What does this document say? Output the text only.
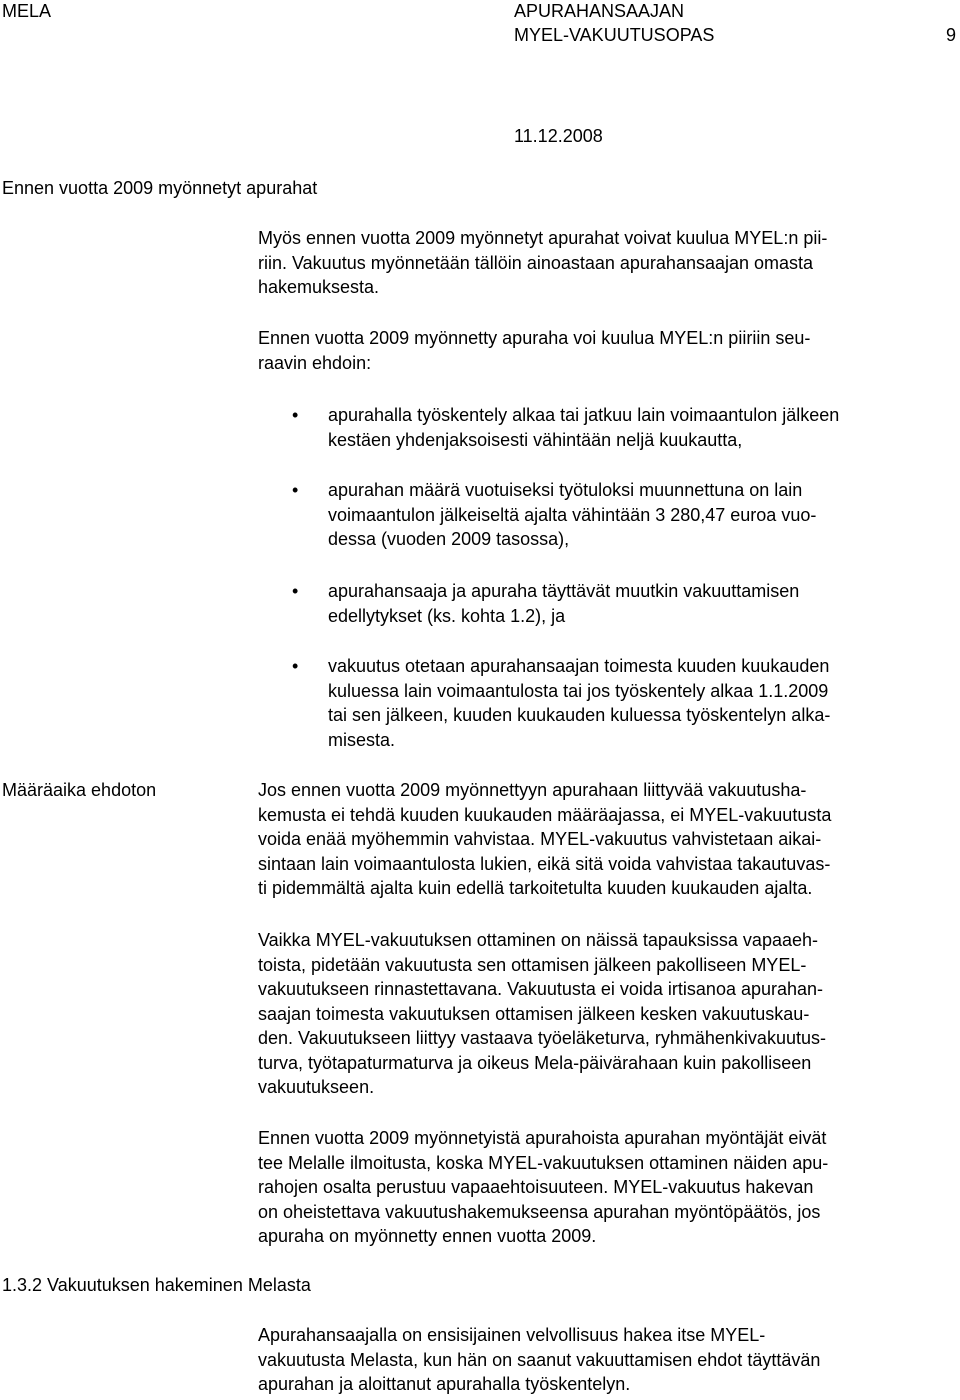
MELA	APURAHANSAAJAN
MYEL-VAKUUTUSOPAS	9
11.12.2008
Ennen vuotta 2009 myönnetyt apurahat
Määräaika ehdoton
1.3.2 Vakuutuksen hakeminen Melasta
Myös ennen vuotta 2009 myönnetyt apurahat voivat kuulua MYEL:n pii-
riin. Vakuutus myönnetään tällöin ainoastaan apurahansaajan omasta
hakemuksesta.
Ennen vuotta 2009 myönnetty apuraha voi kuulua MYEL:n piiriin seu-
raavin ehdoin:
• apurahalla työskentely alkaa tai jatkuu lain voimaantulon jälkeen
kestäen yhdenjaksoisesti vähintään neljä kuukautta,
• apurahan määrä vuotuiseksi työtuloksi muunnettuna on lain
voimaantulon jälkeiseltä ajalta vähintään 3 280,47 euroa vuo-
dessa (vuoden 2009 tasossa),
• apurahansaaja ja apuraha täyttävät muutkin vakuuttamisen
edellytykset (ks. kohta 1.2), ja
• vakuutus otetaan apurahansaajan toimesta kuuden kuukauden
kuluessa lain voimaantulosta tai jos työskentely alkaa 1.1.2009
tai sen jälkeen, kuuden kuukauden kuluessa työskentelyn alka-
misesta.
Jos ennen vuotta 2009 myönnettyyn apurahaan liittyvää vakuutusha-
kemusta ei tehdä kuuden kuukauden määräajassa, ei MYEL-vakuutusta
voida enää myöhemmin vahvistaa. MYEL-vakuutus vahvistetaan aikai-
sintaan lain voimaantulosta lukien, eikä sitä voida vahvistaa takautuvas-
ti pidemmältä ajalta kuin edellä tarkoitetulta kuuden kuukauden ajalta.
Vaikka MYEL-vakuutuksen ottaminen on näissä tapauksissa vapaaeh-
toista, pidetään vakuutusta sen ottamisen jälkeen pakolliseen MYEL-
vakuutukseen rinnastettavana. Vakuutusta ei voida irtisanoa apurahan-
saajan toimesta vakuutuksen ottamisen jälkeen kesken vakuutuskau-
den. Vakuutukseen liittyy vastaava työeläketurva, ryhmähenkivakuutus-
turva, työtapaturmaturva ja oikeus Mela-päivärahaan kuin pakolliseen
vakuutukseen.
Ennen vuotta 2009 myönnetyistä apurahoista apurahan myöntäjät eivät
tee Melalle ilmoitusta, koska MYEL-vakuutuksen ottaminen näiden apu-
rahojen osalta perustuu vapaaehtoisuuteen. MYEL-vakuutus hakevan
on oheistettava vakuutushakemukseensa apurahan myöntöpäätös, jos
apuraha on myönnetty ennen vuotta 2009.
Apurahansaajalla on ensisijainen velvollisuus hakea itse MYEL-
vakuutusta Melasta, kun hän on saanut vakuuttamisen ehdot täyttävän
apurahan ja aloittanut apurahalla työskentelyn.
